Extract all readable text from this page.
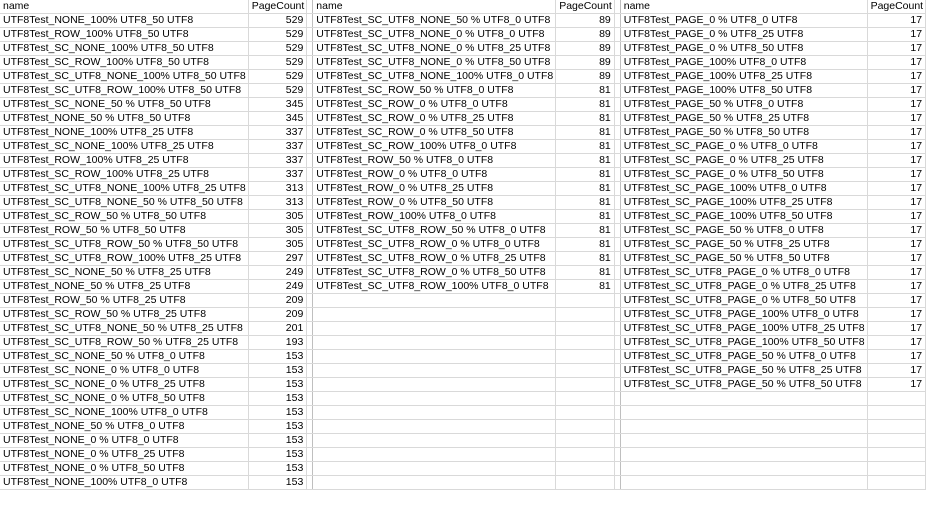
name	PageCount		name	PageCount		name	PageCount
UTF8Test_NONE_100% UTF8_50 UTF8	529		UTF8Test_SC_UTF8_NONE_50 % UTF8_0 UTF8	89		UTF8Test_PAGE_0 % UTF8_0 UTF8	17
UTF8Test_ROW_100% UTF8_50 UTF8	529		UTF8Test_SC_UTF8_NONE_0 % UTF8_0 UTF8	89		UTF8Test_PAGE_0 % UTF8_25 UTF8	17
UTF8Test_SC_NONE_100% UTF8_50 UTF8	529		UTF8Test_SC_UTF8_NONE_0 % UTF8_25 UTF8	89		UTF8Test_PAGE_0 % UTF8_50 UTF8	17
UTF8Test_SC_ROW_100% UTF8_50 UTF8	529		UTF8Test_SC_UTF8_NONE_0 % UTF8_50 UTF8	89		UTF8Test_PAGE_100% UTF8_0 UTF8	17
UTF8Test_SC_UTF8_NONE_100% UTF8_50 UTF8	529		UTF8Test_SC_UTF8_NONE_100% UTF8_0 UTF8	89		UTF8Test_PAGE_100% UTF8_25 UTF8	17
UTF8Test_SC_UTF8_ROW_100% UTF8_50 UTF8	529		UTF8Test_SC_ROW_50 % UTF8_0 UTF8	81		UTF8Test_PAGE_100% UTF8_50 UTF8	17
UTF8Test_SC_NONE_50 % UTF8_50 UTF8	345		UTF8Test_SC_ROW_0 % UTF8_0 UTF8	81		UTF8Test_PAGE_50 % UTF8_0 UTF8	17
UTF8Test_NONE_50 % UTF8_50 UTF8	345		UTF8Test_SC_ROW_0 % UTF8_25 UTF8	81		UTF8Test_PAGE_50 % UTF8_25 UTF8	17
UTF8Test_NONE_100% UTF8_25 UTF8	337		UTF8Test_SC_ROW_0 % UTF8_50 UTF8	81		UTF8Test_PAGE_50 % UTF8_50 UTF8	17
UTF8Test_SC_NONE_100% UTF8_25 UTF8	337		UTF8Test_SC_ROW_100% UTF8_0 UTF8	81		UTF8Test_SC_PAGE_0 % UTF8_0 UTF8	17
UTF8Test_ROW_100% UTF8_25 UTF8	337		UTF8Test_ROW_50 % UTF8_0 UTF8	81		UTF8Test_SC_PAGE_0 % UTF8_25 UTF8	17
UTF8Test_SC_ROW_100% UTF8_25 UTF8	337		UTF8Test_ROW_0 % UTF8_0 UTF8	81		UTF8Test_SC_PAGE_0 % UTF8_50 UTF8	17
UTF8Test_SC_UTF8_NONE_100% UTF8_25 UTF8	313		UTF8Test_ROW_0 % UTF8_25 UTF8	81		UTF8Test_SC_PAGE_100% UTF8_0 UTF8	17
UTF8Test_SC_UTF8_NONE_50 % UTF8_50 UTF8	313		UTF8Test_ROW_0 % UTF8_50 UTF8	81		UTF8Test_SC_PAGE_100% UTF8_25 UTF8	17
UTF8Test_SC_ROW_50 % UTF8_50 UTF8	305		UTF8Test_ROW_100% UTF8_0 UTF8	81		UTF8Test_SC_PAGE_100% UTF8_50 UTF8	17
UTF8Test_ROW_50 % UTF8_50 UTF8	305		UTF8Test_SC_UTF8_ROW_50 % UTF8_0 UTF8	81		UTF8Test_SC_PAGE_50 % UTF8_0 UTF8	17
UTF8Test_SC_UTF8_ROW_50 % UTF8_50 UTF8	305		UTF8Test_SC_UTF8_ROW_0 % UTF8_0 UTF8	81		UTF8Test_SC_PAGE_50 % UTF8_25 UTF8	17
UTF8Test_SC_UTF8_ROW_100% UTF8_25 UTF8	297		UTF8Test_SC_UTF8_ROW_0 % UTF8_25 UTF8	81		UTF8Test_SC_PAGE_50 % UTF8_50 UTF8	17
UTF8Test_SC_NONE_50 % UTF8_25 UTF8	249		UTF8Test_SC_UTF8_ROW_0 % UTF8_50 UTF8	81		UTF8Test_SC_UTF8_PAGE_0 % UTF8_0 UTF8	17
UTF8Test_NONE_50 % UTF8_25 UTF8	249		UTF8Test_SC_UTF8_ROW_100% UTF8_0 UTF8	81		UTF8Test_SC_UTF8_PAGE_0 % UTF8_25 UTF8	17
UTF8Test_ROW_50 % UTF8_25 UTF8	209					UTF8Test_SC_UTF8_PAGE_0 % UTF8_50 UTF8	17
UTF8Test_SC_ROW_50 % UTF8_25 UTF8	209					UTF8Test_SC_UTF8_PAGE_100% UTF8_0 UTF8	17
UTF8Test_SC_UTF8_NONE_50 % UTF8_25 UTF8	201					UTF8Test_SC_UTF8_PAGE_100% UTF8_25 UTF8	17
UTF8Test_SC_UTF8_ROW_50 % UTF8_25 UTF8	193					UTF8Test_SC_UTF8_PAGE_100% UTF8_50 UTF8	17
UTF8Test_SC_NONE_50 % UTF8_0 UTF8	153					UTF8Test_SC_UTF8_PAGE_50 % UTF8_0 UTF8	17
UTF8Test_SC_NONE_0 % UTF8_0 UTF8	153					UTF8Test_SC_UTF8_PAGE_50 % UTF8_25 UTF8	17
UTF8Test_SC_NONE_0 % UTF8_25 UTF8	153					UTF8Test_SC_UTF8_PAGE_50 % UTF8_50 UTF8	17
UTF8Test_SC_NONE_0 % UTF8_50 UTF8	153						
UTF8Test_SC_NONE_100% UTF8_0 UTF8	153						
UTF8Test_NONE_50 % UTF8_0 UTF8	153						
UTF8Test_NONE_0 % UTF8_0 UTF8	153						
UTF8Test_NONE_0 % UTF8_25 UTF8	153						
UTF8Test_NONE_0 % UTF8_50 UTF8	153						
UTF8Test_NONE_100% UTF8_0 UTF8	153						
